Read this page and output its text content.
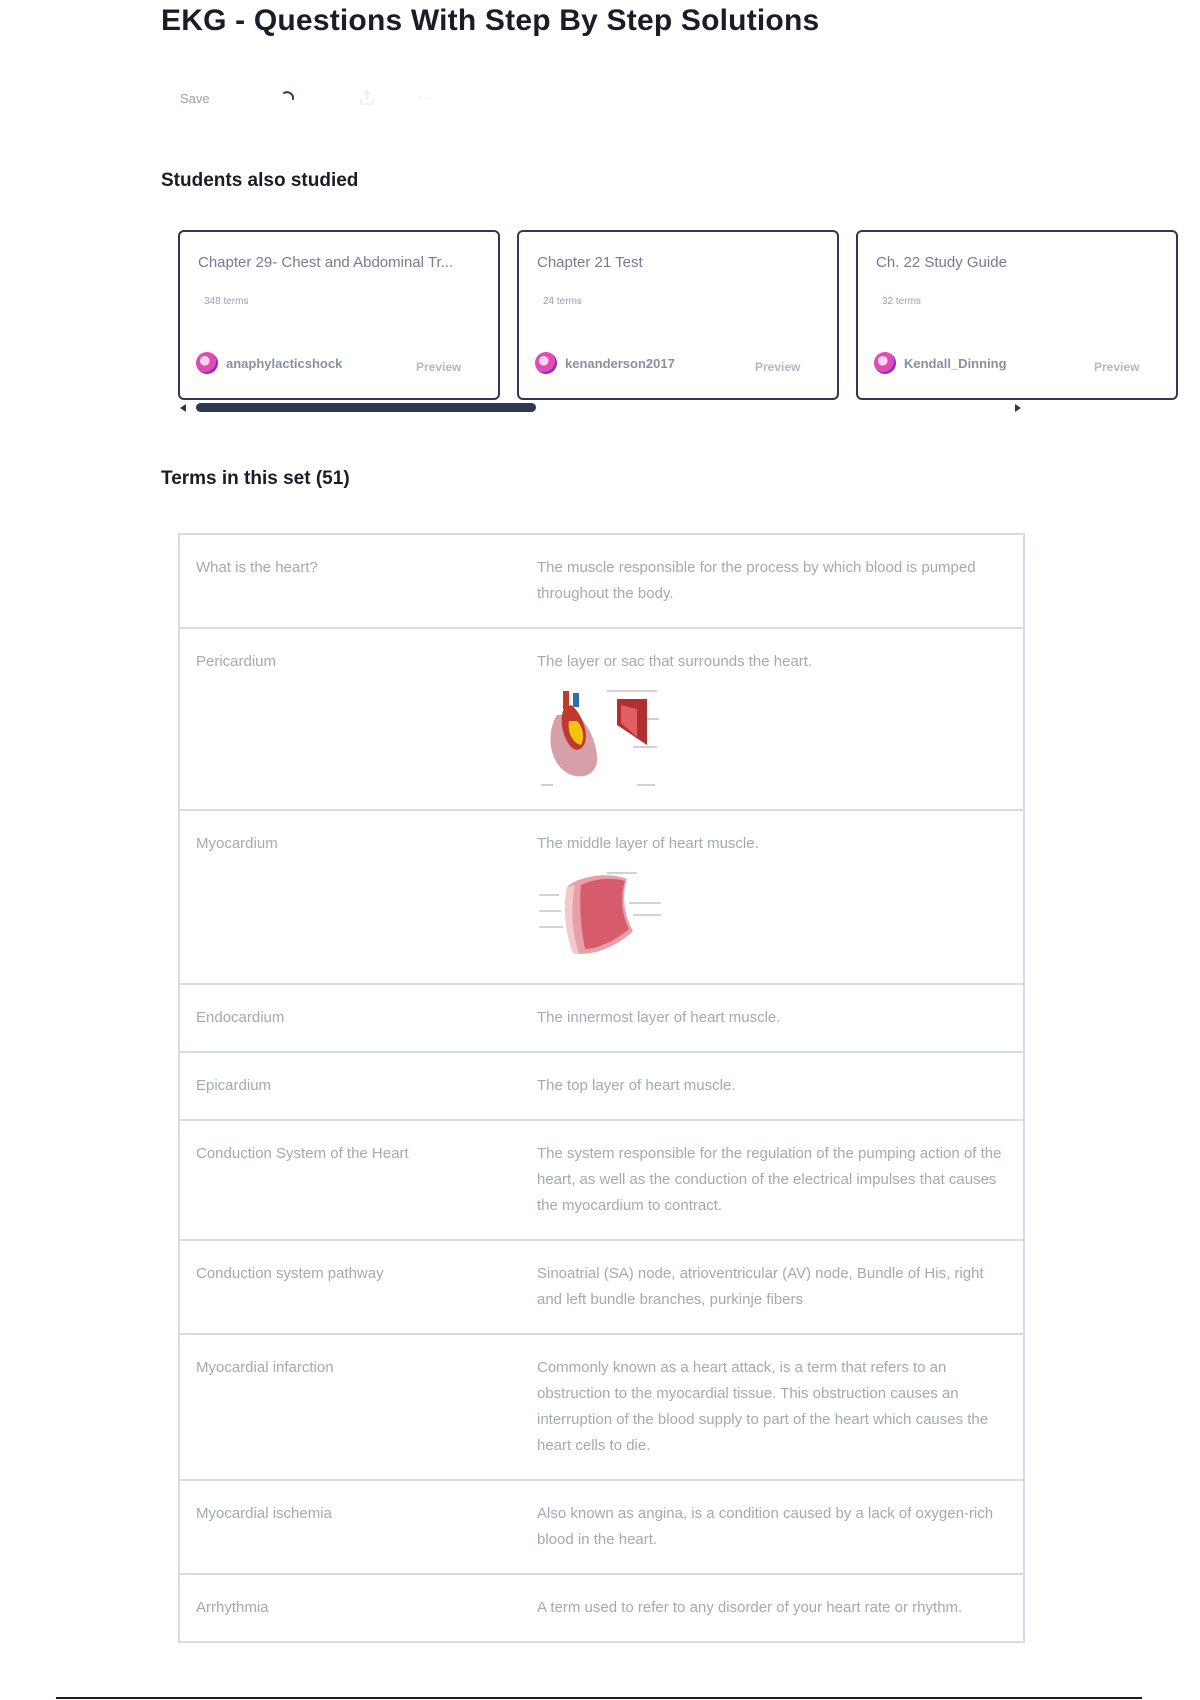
EKG - Questions With Step By Step Solutions
Save
Students also studied
Chapter 29- Chest and Abdominal Tr...
348 terms
anaphylacticshock	Preview
Chapter 21 Test
24 terms
kenanderson2017	Preview
Ch. 22 Study Guide
32 terms
Kendall_Dinning	Preview
Terms in this set (51)
What is the heart?	The muscle responsible for the process by which blood is pumped throughout the body.
Pericardium	The layer or sac that surrounds the heart.
Myocardium	The middle layer of heart muscle.
Endocardium	The innermost layer of heart muscle.
Epicardium	The top layer of heart muscle.
Conduction System of the Heart	The system responsible for the regulation of the pumping action of the heart, as well as the conduction of the electrical impulses that causes the myocardium to contract.
Conduction system pathway	Sinoatrial (SA) node, atrioventricular (AV) node, Bundle of His, right and left bundle branches, purkinje fibers
Myocardial infarction	Commonly known as a heart attack, is a term that refers to an obstruction to the myocardial tissue. This obstruction causes an interruption of the blood supply to part of the heart which causes the heart cells to die.
Myocardial ischemia	Also known as angina, is a condition caused by a lack of oxygen-rich blood in the heart.
Arrhythmia	A term used to refer to any disorder of your heart rate or rhythm.
